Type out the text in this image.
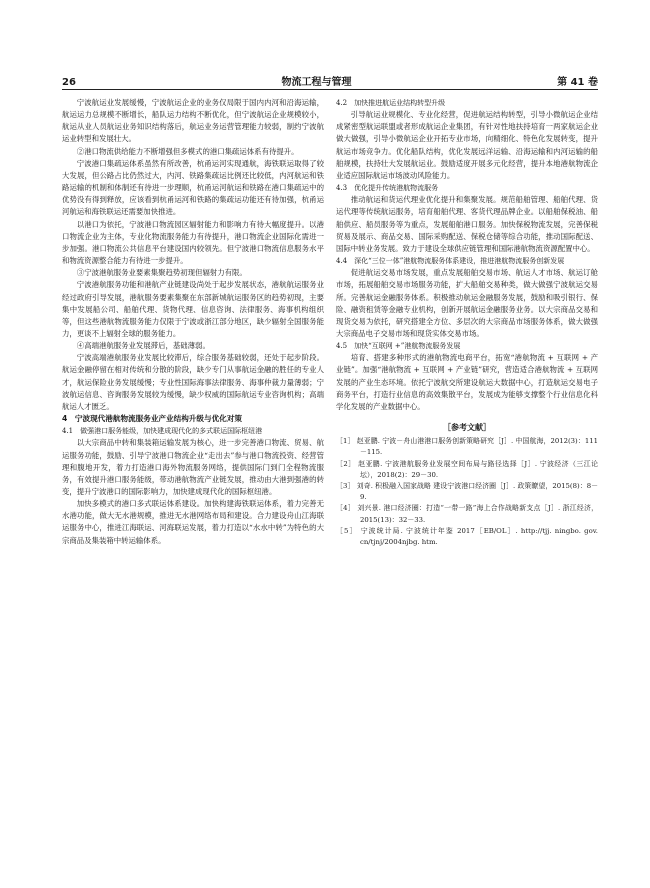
26	物流工程与管理	第 41 卷

宁波航运业发展缓慢，宁波航运企业的业务仅局限于国内内河和沿海运输，航运运力总规模不断增长，船队运力结构不断优化，但宁波航运企业规模较小，航运从业人员航运业务知识结构落后，航运业务运营管理能力较弱，制约宁波航运业转型和发展壮大。

②港口物流供给能力不断增强但多模式的港口集疏运体系有待提升。

宁波港口集疏运体系虽然有所改善，杭甬运河实现通航，海铁联运取得了较大发展，但公路占比仍然过大，内河、铁路集疏运比例还比较低，内河航运和铁路运输的机制和体制还有待进一步理顺，杭甬运河航运和铁路在港口集疏运中的优势没有得到释放，应该看到杭甬运河和铁路的集疏运功能还有待加强，杭甬运河航运和海铁联运还需要加快推进。

以港口为依托，宁波港口物流园区辐射能力和影响力有待大幅度提升。以港口物流企业为主体，专业化物流服务能力有待提升，港口物流企业国际化需进一步加强。港口物流公共信息平台建设国内较领先。但宁波港口物流信息服务水平和物流资源整合能力有待进一步提升。

③宁波港航服务业要素集聚趋势初现但辐射力有限。

宁波港航服务功能和港航产业链建设尚处于起步发展状态，港航航运服务业经过政府引导发展，港航服务要素集聚在东部新城航运服务区的趋势初现，主要集中发展船公司、船舶代理、货物代理、信息咨询、法律服务、海事机构组织等，但这些港航物流服务能力仅限于宁波或浙江部分地区，缺少辐射全国服务能力，更谈不上辐射全球的服务能力。

④高端港航服务业发展滞后，基础薄弱。

宁波高端港航服务业发展比较滞后，综合服务基础较弱，还处于起步阶段。航运金融停留在相对传统和分散的阶段，缺少专门从事航运金融的胜任的专业人才，航运保险业务发展缓慢；专业性国际海事法律服务、海事仲裁力量薄弱；宁波航运信息、咨询服务发展较为缓慢，缺少权威的国际航运专业咨询机构；高端航运人才匮乏。

4　宁波现代港航物流服务业产业结构升级与优化对策
4.1　做强港口服务能级，加快建成现代化的多式联运国际枢纽港

以大宗商品中转和集装箱运输发展为核心，进一步完善港口物流、贸易、航运服务功能，鼓励、引导宁波港口物流企业“走出去”参与港口物流投资、经营管理和腹地开发，着力打造港口海外物流服务网络，提供国际门到门全程物流服务，有效提升港口服务能级，带动港航物流产业链发展，推动由大港到强港的转变，提升宁波港口的国际影响力，加快建成现代化的国际枢纽港。

加快多模式的港口多式联运体系建设。加快构建海铁联运体系，着力完善无水港功能，做大无水港规模，推进无水港网络布局和建设。合力建设舟山江海联运服务中心，推进江海联运、河海联运发展，着力打造以“水水中转”为特色的大宗商品及集装箱中转运输体系。

4.2　加快推进航运业结构转型升级

引导航运业规模化、专业化经营，促进航运结构转型，引导小微航运企业结成紧密型航运联盟或者形成航运企业集团，有针对性地扶持培育一两家航运企业做大做强，引导小微航运企业开拓专业市场，向精细化、特色化发展转变，提升航运市场竞争力。优化船队结构，优化发展远洋运输、沿海运输和内河运输的船舶规模，扶持壮大发展航运业。鼓励适度开展多元化经营，提升本地港航物流企业适应国际航运市场波动风险能力。

4.3　优化提升传统港航物流服务

推动航运和货运代理业优化提升和集聚发展。规范船舶管理、船舶代理、货运代理等传统航运服务，培育船舶代理、客货代理品牌企业。以船舶保税油、船舶供应、船员服务等为重点，发展船舶港口服务。加快保税物流发展，完善保税贸易及展示、商品交易、国际采购配送、保税仓储等综合功能，推动国际配送、国际中转业务发展。致力于建设全球供应链管理和国际港航物流资源配置中心。

4.4　深化“三位一体”港航物流服务体系建设，推进港航物流服务创新发展

促进航运交易市场发展，重点发展船舶交易市场、航运人才市场、航运订舱市场，拓展船舶交易市场服务功能，扩大船舶交易种类，做大做强宁波航运交易所。完善航运金融服务体系。积极推动航运金融服务发展，鼓励和吸引银行、保险、融资租赁等金融专业机构，创新开展航运金融服务业务。以大宗商品交易和现货交易为依托，研究搭建全方位、多层次的大宗商品市场服务体系，做大做强大宗商品电子交易市场和现货实体交易市场。

4.5　加快“互联网 +”港航物流服务发展

培育、搭建多种形式的港航物流电商平台，拓宽“港航物流 + 互联网 + 产业链”。加强“港航物流 + 互联网 + 产业链”研究，营造适合港航物流 + 互联网发展的产业生态环境。依托宁波航交所建设航运大数据中心，打造航运交易电子商务平台，打造行业信息的高效集散平台，发展成为能够支撑整个行业信息化科学化发展的产业数据中心。

［参考文献］
［1］ 赵亚鹏. 宁波－舟山港港口服务创新策略研究［J］. 中国航海，2012(3)：111－115.
［2］ 赵亚鹏. 宁波港航服务业发展空间布局与路径选择［J］. 宁波经济（三江论坛），2018(2)：29－30.
［3］ 刘奇. 积极融入国家战略 建设宁波港口经济圈［J］. 政策瞭望，2015(8)：8－9.
［4］ 刘兴景. 港口经济圈：打造“一带一路”海上合作战略新支点［J］. 浙江经济，2015(13)：32－33.
［5］ 宁波统计局. 宁波统计年鉴 2017［EB/OL］. http://tjj. ningbo. gov. cn/tjnj/2004njbg. htm.
